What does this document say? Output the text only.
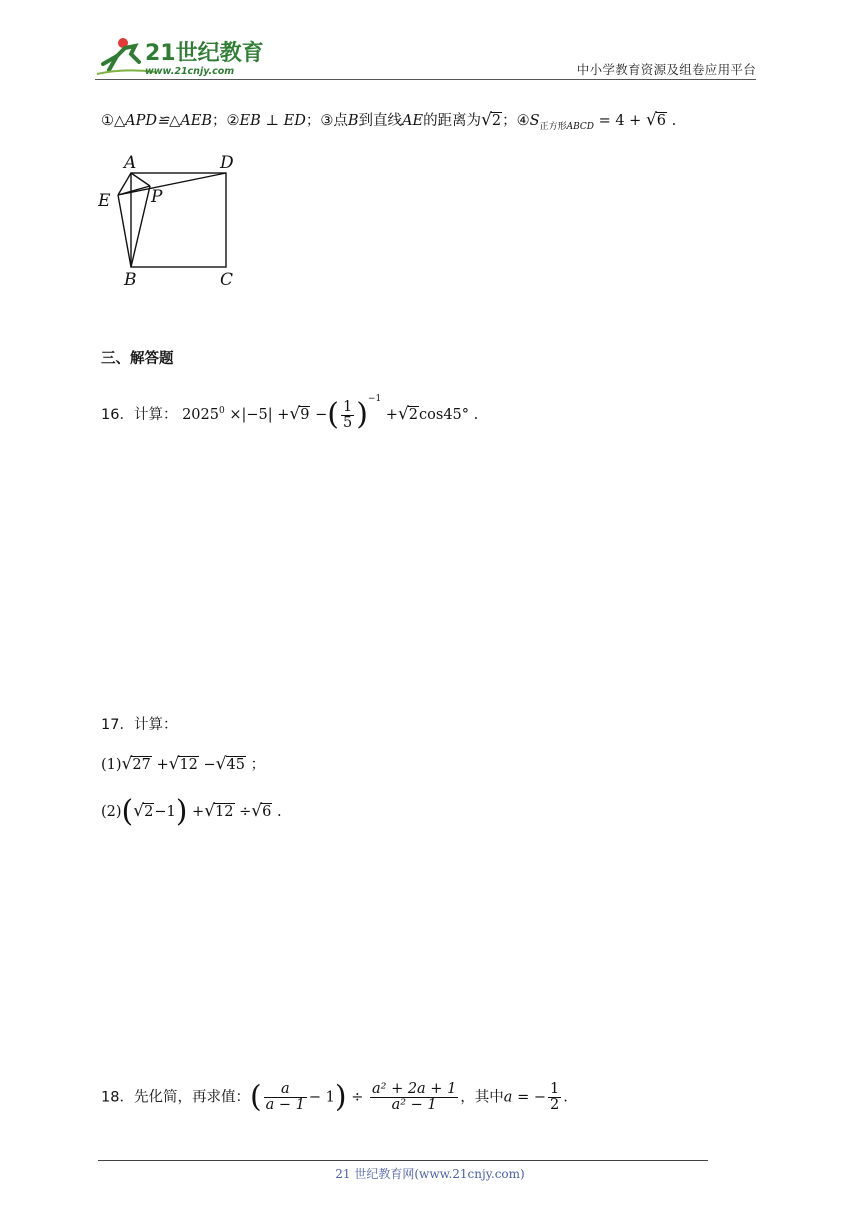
21世纪教育
www.21cnjy.com	中小学教育资源及组卷应用平台
①△APD≌△AEB；②EB ⊥ ED；③点B到直线AE的距离为√2；$④S_{正方形ABCD} = 4 + √6$ .
A	D
E P
B	C
三、解答题
16．计算： $2025^0 \times|-5| +√9$ −( $\frac{1}{5} )^{-1} +√2\cos 45^\circ$ .
17．计算：
(1)√27 +√12 −√45 ；
(2)(√2−1) +√12 ÷√6 .
18．先化简，再求值：( $\frac{a}{a - 1} - 1) \div \frac{\text{a² + 2a + 1}}{\text{a² − 1}}$ ，其中a = − $\frac{1}{2}$ .
21 世纪教育网(www.21cnjy.com)
